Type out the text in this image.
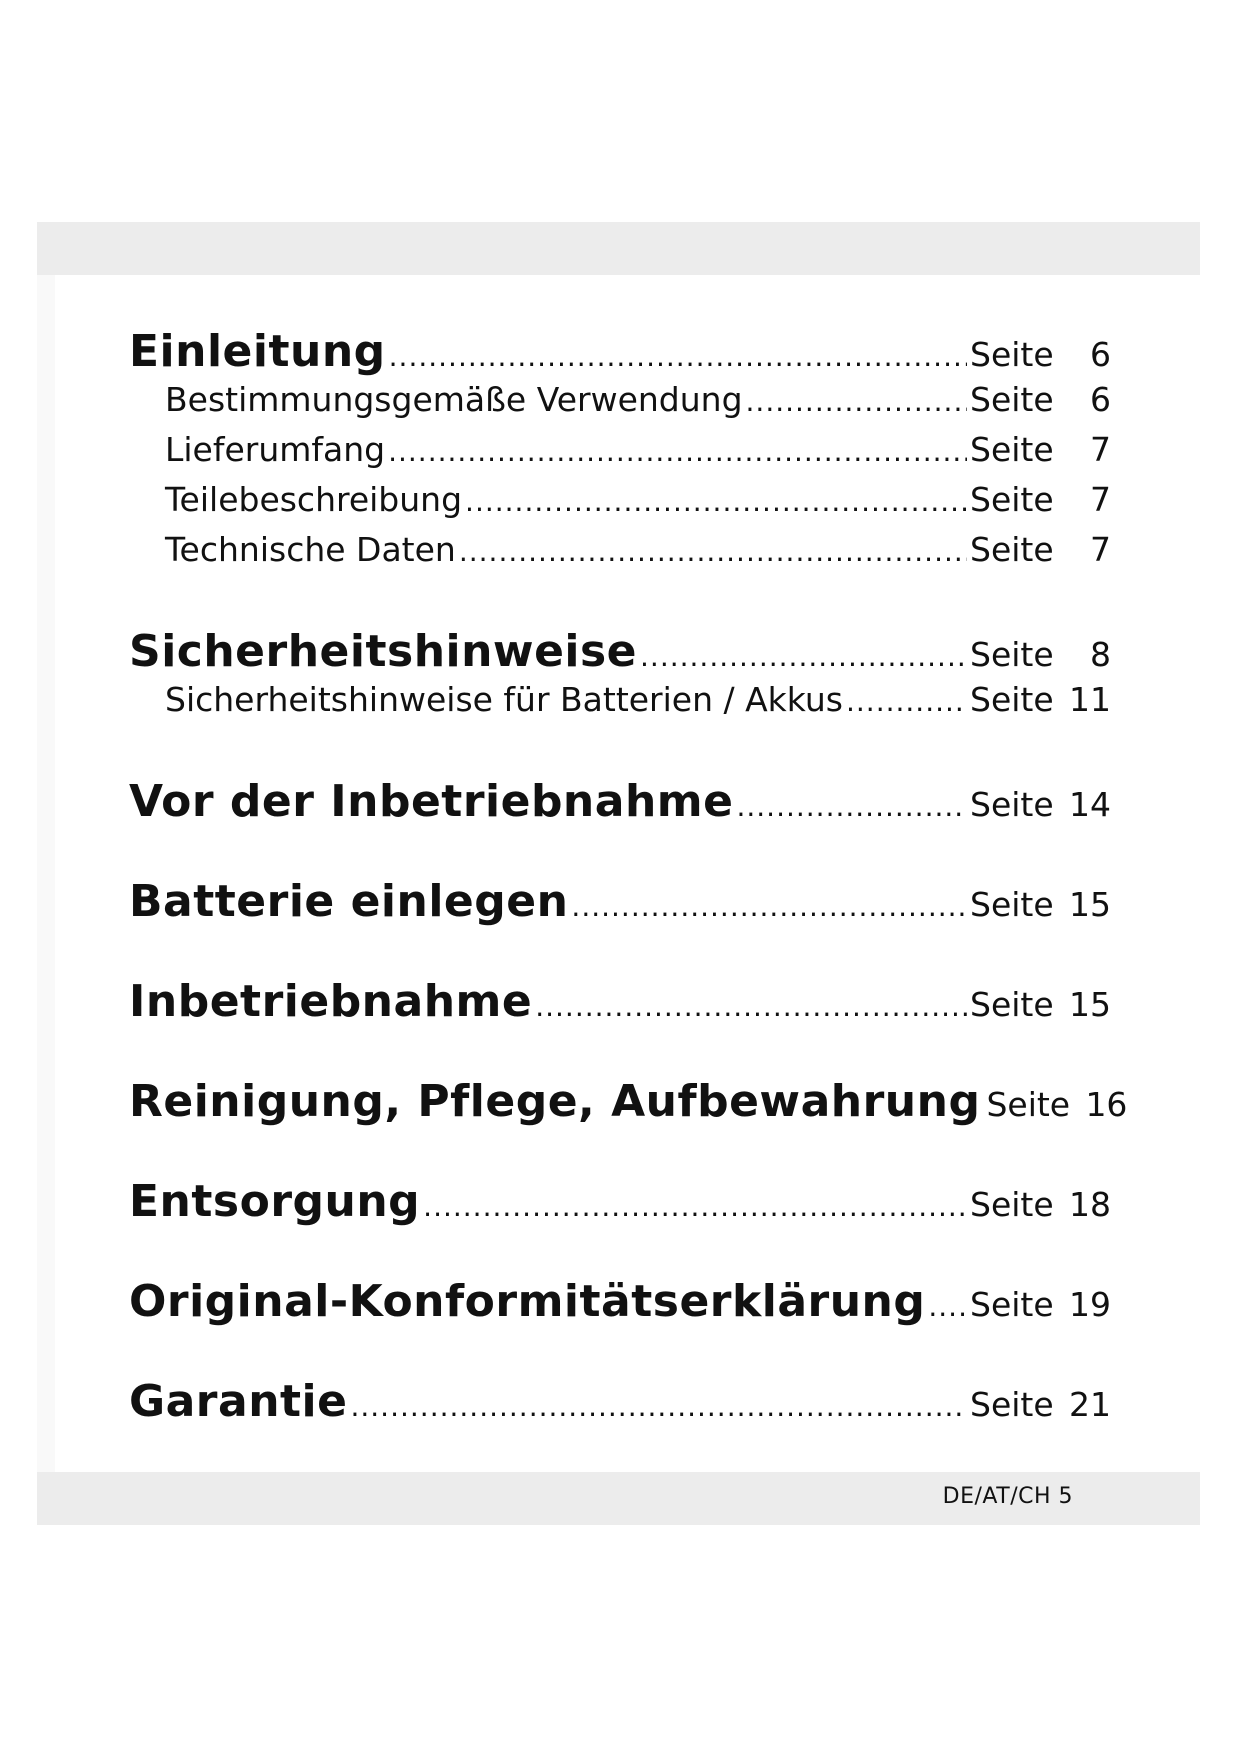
Einleitung .....	Seite	6
Bestimmungsgemäße Verwendung .....	Seite	6
Lieferumfang .....	Seite	7
Teilebeschreibung .....	Seite	7
Technische Daten .....	Seite	7
Sicherheitshinweise .....	Seite	8
Sicherheitshinweise für Batterien / Akkus .....	Seite 11
Vor der Inbetriebnahme .....	Seite 14
Batterie einlegen .....	Seite 15
Inbetriebnahme .....	Seite 15
Reinigung, Pflege, Aufbewahrung Seite 16
Entsorgung .....	Seite 18
Original-Konformitätserklärung ..... Seite 19
Garantie .....	Seite 21
DE/AT/CH 5
